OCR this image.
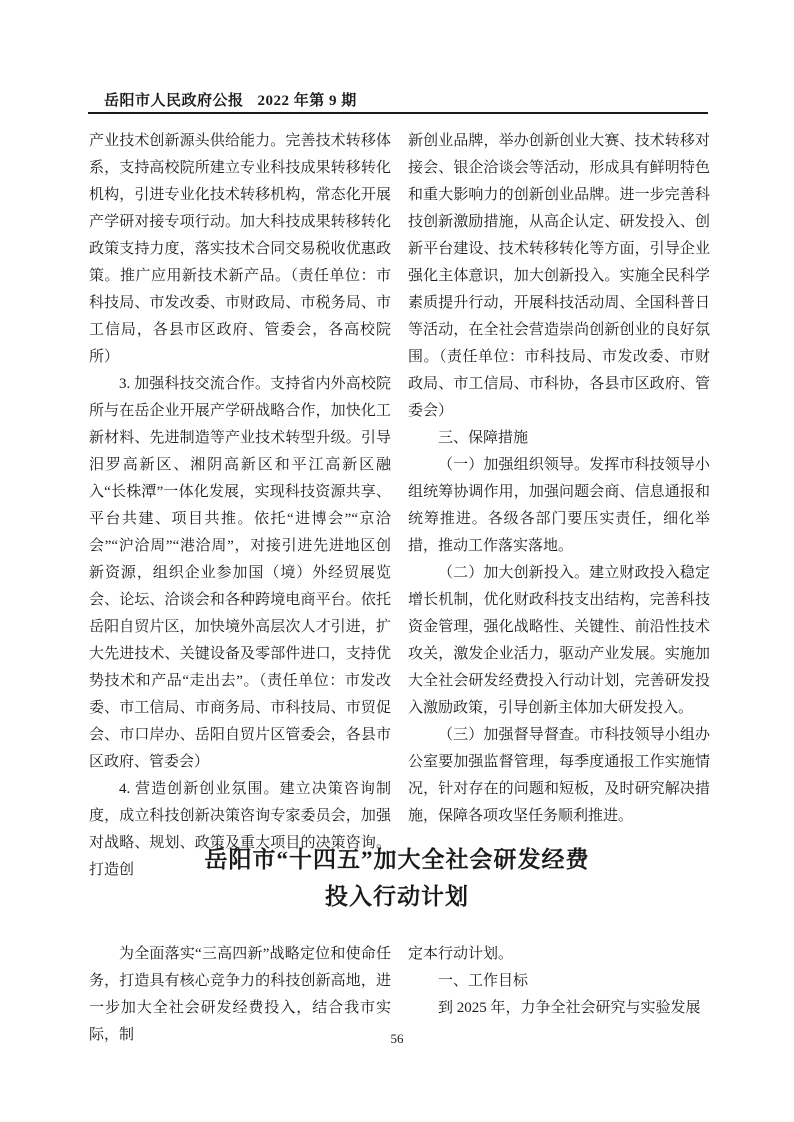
岳阳市人民政府公报 2022 年第 9 期

产业技术创新源头供给能力。完善技术转移体系，支持高校院所建立专业科技成果转移转化机构，引进专业化技术转移机构，常态化开展产学研对接专项行动。加大科技成果转移转化政策支持力度，落实技术合同交易税收优惠政策。推广应用新技术新产品。（责任单位：市科技局、市发改委、市财政局、市税务局、市工信局，各县市区政府、管委会，各高校院所）

3. 加强科技交流合作。支持省内外高校院所与在岳企业开展产学研战略合作，加快化工新材料、先进制造等产业技术转型升级。引导汨罗高新区、湘阴高新区和平江高新区融入“长株潭”一体化发展，实现科技资源共享、平台共建、项目共推。依托“进博会”“京洽会”“沪洽周”“港洽周”，对接引进先进地区创新资源，组织企业参加国（境）外经贸展览会、论坛、洽谈会和各种跨境电商平台。依托岳阳自贸片区，加快境外高层次人才引进，扩大先进技术、关键设备及零部件进口，支持优势技术和产品“走出去”。（责任单位：市发改委、市工信局、市商务局、市科技局、市贸促会、市口岸办、岳阳自贸片区管委会，各县市区政府、管委会）

4. 营造创新创业氛围。建立决策咨询制度，成立科技创新决策咨询专家委员会，加强对战略、规划、政策及重大项目的决策咨询。打造创

新创业品牌，举办创新创业大赛、技术转移对接会、银企洽谈会等活动，形成具有鲜明特色和重大影响力的创新创业品牌。进一步完善科技创新激励措施，从高企认定、研发投入、创新平台建设、技术转移转化等方面，引导企业强化主体意识，加大创新投入。实施全民科学素质提升行动，开展科技活动周、全国科普日等活动，在全社会营造崇尚创新创业的良好氛围。（责任单位：市科技局、市发改委、市财政局、市工信局、市科协，各县市区政府、管委会）

三、保障措施

（一）加强组织领导。发挥市科技领导小组统筹协调作用，加强问题会商、信息通报和统筹推进。各级各部门要压实责任，细化举措，推动工作落实落地。

（二）加大创新投入。建立财政投入稳定增长机制，优化财政科技支出结构，完善科技资金管理，强化战略性、关键性、前沿性技术攻关，激发企业活力，驱动产业发展。实施加大全社会研发经费投入行动计划，完善研发投入激励政策，引导创新主体加大研发投入。

（三）加强督导督查。市科技领导小组办公室要加强监督管理，每季度通报工作实施情况，针对存在的问题和短板，及时研究解决措施，保障各项攻坚任务顺利推进。

岳阳市“十四五”加大全社会研发经费
投入行动计划

为全面落实“三高四新”战略定位和使命任务，打造具有核心竞争力的科技创新高地，进一步加大全社会研发经费投入，结合我市实际，制

定本行动计划。

一、工作目标

到 2025 年，力争全社会研究与实验发展

56
